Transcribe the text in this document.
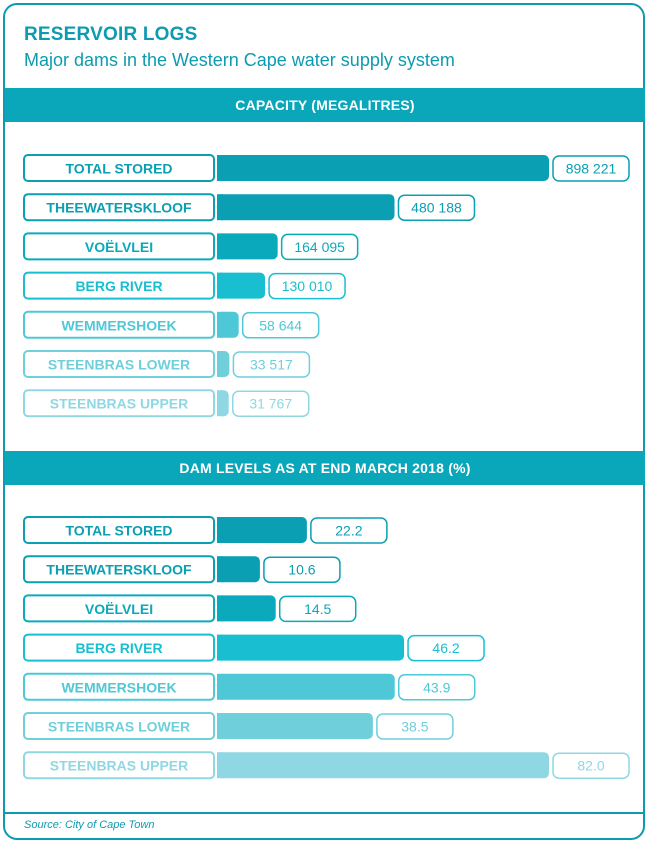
RESERVOIR LOGS
Major dams in the Western Cape water supply system
CAPACITY (MEGALITRES)
TOTAL STORED	898 221
THEEWATERSKLOOF	480 188
VOËLVLEI	164 095
BERG RIVER	130 010
WEMMERSHOEK	58 644
STEENBRAS LOWER	33 517
STEENBRAS UPPER	31 767
DAM LEVELS AS AT END MARCH 2018 (%)
TOTAL STORED	22.2
THEEWATERSKLOOF	10.6
VOËLVLEI	14.5
BERG RIVER	46.2
WEMMERSHOEK	43.9
STEENBRAS LOWER	38.5
STEENBRAS UPPER	82.0
Source: City of Cape Town
